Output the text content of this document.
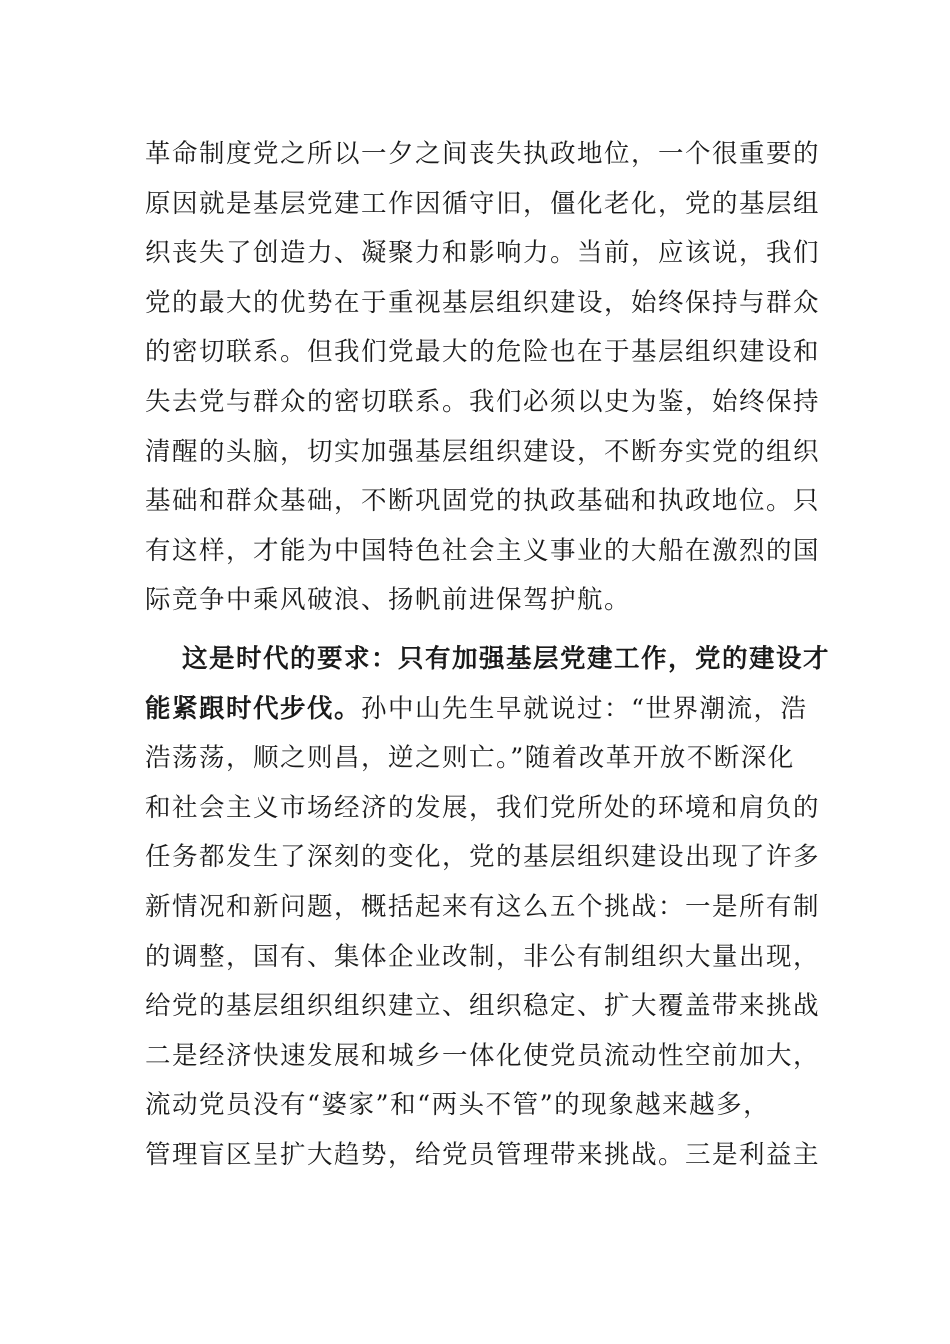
革命制度党之所以一夕之间丧失执政地位，一个很重要的
原因就是基层党建工作因循守旧，僵化老化，党的基层组
织丧失了创造力、凝聚力和影响力。当前，应该说，我们
党的最大的优势在于重视基层组织建设，始终保持与群众
的密切联系。但我们党最大的危险也在于基层组织建设和
失去党与群众的密切联系。我们必须以史为鉴，始终保持
清醒的头脑，切实加强基层组织建设，不断夯实党的组织
基础和群众基础，不断巩固党的执政基础和执政地位。只
有这样，才能为中国特色社会主义事业的大船在激烈的国
际竞争中乘风破浪、扬帆前进保驾护航。
这是时代的要求：只有加强基层党建工作，党的建设才
能紧跟时代步伐。孙中山先生早就说过：“世界潮流，浩
浩荡荡，顺之则昌，逆之则亡。”随着改革开放不断深化
和社会主义市场经济的发展，我们党所处的环境和肩负的
任务都发生了深刻的变化，党的基层组织建设出现了许多
新情况和新问题，概括起来有这么五个挑战：一是所有制
的调整，国有、集体企业改制，非公有制组织大量出现，
给党的基层组织组织建立、组织稳定、扩大覆盖带来挑战
二是经济快速发展和城乡一体化使党员流动性空前加大，
流动党员没有“婆家”和“两头不管”的现象越来越多，
管理盲区呈扩大趋势，给党员管理带来挑战。三是利益主
